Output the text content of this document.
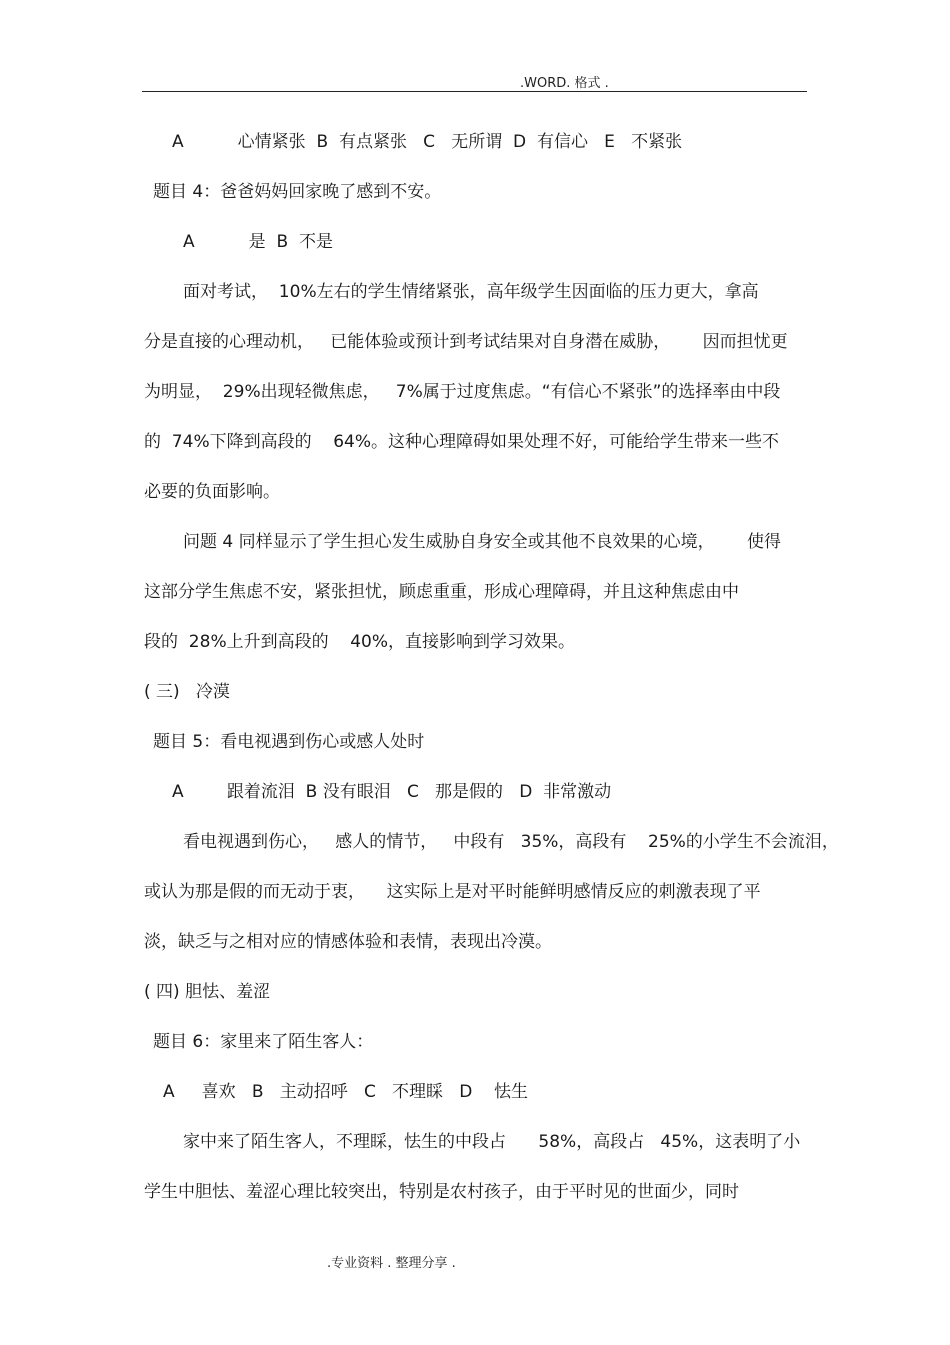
.WORD. 格式 .
A          心情紧张  B  有点紧张   C   无所谓  D  有信心   E   不紧张
题目 4：爸爸妈妈回家晚了感到不安。
A          是  B  不是
面对考试，  10%左右的学生情绪紧张，高年级学生因面临的压力更大，拿高
分是直接的心理动机，   已能体验或预计到考试结果对自身潜在威胁，      因而担忧更
为明显，  29%出现轻微焦虑，   7%属于过度焦虑。“有信心不紧张”的选择率由中段
的  74%下降到高段的    64%。这种心理障碍如果处理不好，可能给学生带来一些不
必要的负面影响。
问题 4 同样显示了学生担心发生威胁自身安全或其他不良效果的心境，      使得
这部分学生焦虑不安，紧张担忧，顾虑重重，形成心理障碍，并且这种焦虑由中
段的  28%上升到高段的    40%，直接影响到学习效果。
( 三)   冷漠
题目 5：看电视遇到伤心或感人处时
A        跟着流泪  B 没有眼泪   C   那是假的   D  非常激动
看电视遇到伤心，   感人的情节，   中段有   35%，高段有    25%的小学生不会流泪，
或认为那是假的而无动于衷，    这实际上是对平时能鲜明感情反应的刺激表现了平
淡，缺乏与之相对应的情感体验和表情，表现出冷漠。
( 四) 胆怯、羞涩
题目 6：家里来了陌生客人：
A     喜欢   B   主动招呼   C   不理睬   D    怯生
家中来了陌生客人，不理睬，怯生的中段占      58%，高段占   45%，这表明了小
学生中胆怯、羞涩心理比较突出，特别是农村孩子，由于平时见的世面少，同时
.专业资料 . 整理分享 .
